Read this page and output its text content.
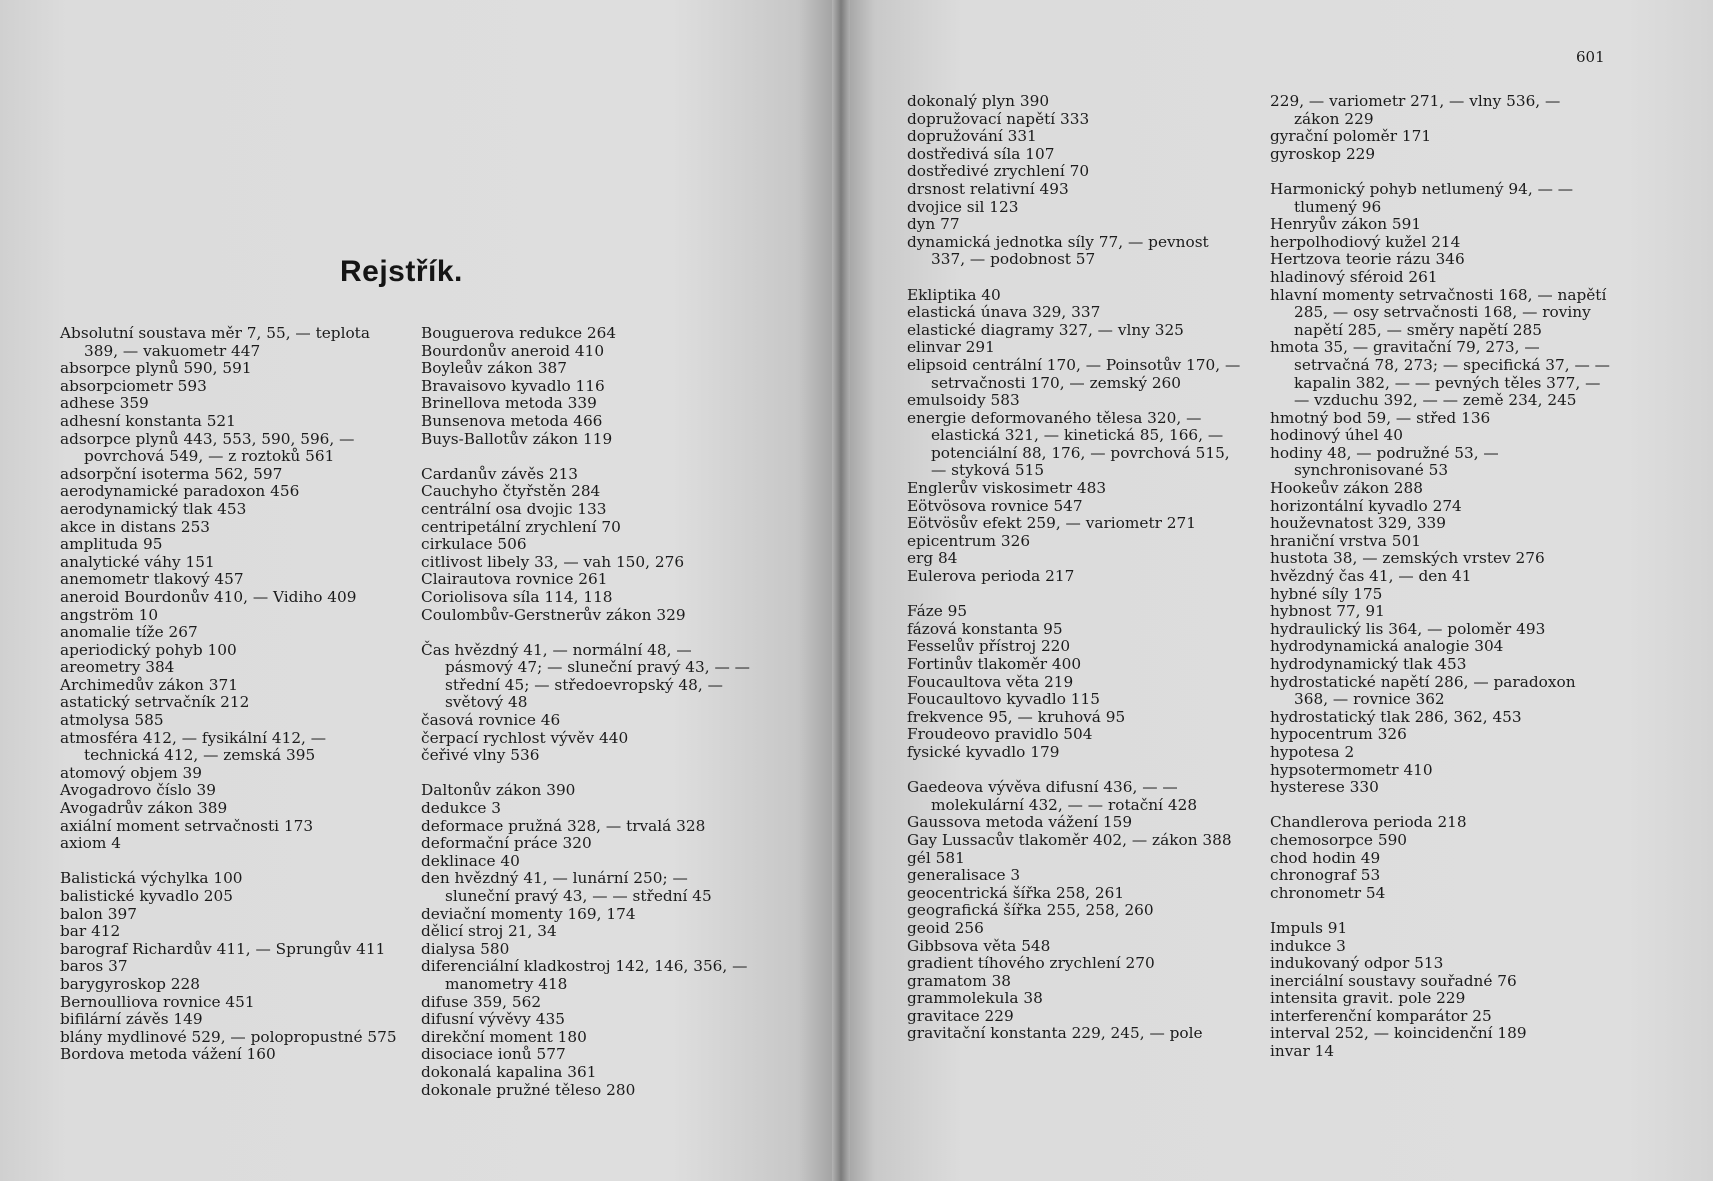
Rejstřík.
601
Absolutní soustava měr 7, 55, — teplota 389, — vakuometr 447
absorpce plynů 590, 591
absorpciometr 593
adhese 359
adhesní konstanta 521
adsorpce plynů 443, 553, 590, 596, — povrchová 549, — z roztoků 561
adsorpční isoterma 562, 597
aerodynamické paradoxon 456
aerodynamický tlak 453
akce in distans 253
amplituda 95
analytické váhy 151
anemometr tlakový 457
aneroid Bourdonův 410, — Vidiho 409
angström 10
anomalie tíže 267
aperiodický pohyb 100
areometry 384
Archimedův zákon 371
astatický setrvačník 212
atmolysa 585
atmosféra 412, — fysikální 412, — technická 412, — zemská 395
atomový objem 39
Avogadrovo číslo 39
Avogadrův zákon 389
axiální moment setrvačnosti 173
axiom 4
Balistická výchylka 100
balistické kyvadlo 205
balon 397
bar 412
barograf Richardův 411, — Sprungův 411
baros 37
barygyroskop 228
Bernoulliova rovnice 451
bifilární závěs 149
blány mydlinové 529, — polopropustné 575
Bordova metoda vážení 160
Bouguerova redukce 264
Bourdonův aneroid 410
Boyleův zákon 387
Bravaisovo kyvadlo 116
Brinellova metoda 339
Bunsenova metoda 466
Buys-Ballotův zákon 119
Cardanův závěs 213
Cauchyho čtyřstěn 284
centrální osa dvojic 133
centripetální zrychlení 70
cirkulace 506
citlivost libely 33, — vah 150, 276
Clairautova rovnice 261
Coriolisova síla 114, 118
Coulombův-Gerstnerův zákon 329
Čas hvězdný 41, — normální 48, — pásmový 47; — sluneční pravý 43, — — střední 45; — středoevropský 48, — světový 48
časová rovnice 46
čerpací rychlost vývěv 440
čeřivé vlny 536
Daltonův zákon 390
dedukce 3
deformace pružná 328, — trvalá 328
deformační práce 320
deklinace 40
den hvězdný 41, — lunární 250; — sluneční pravý 43, — — střední 45
deviační momenty 169, 174
dělicí stroj 21, 34
dialysa 580
diferenciální kladkostroj 142, 146, 356, — manometry 418
difuse 359, 562
difusní vývěvy 435
direkční moment 180
disociace ionů 577
dokonalá kapalina 361
dokonale pružné těleso 280
dokonalý plyn 390
dopružovací napětí 333
dopružování 331
dostředivá síla 107
dostředivé zrychlení 70
drsnost relativní 493
dvojice sil 123
dyn 77
dynamická jednotka síly 77, — pevnost 337, — podobnost 57
Ekliptika 40
elastická únava 329, 337
elastické diagramy 327, — vlny 325
elinvar 291
elipsoid centrální 170, — Poinsotův 170, — setrvačnosti 170, — zemský 260
emulsoidy 583
energie deformovaného tělesa 320, — elastická 321, — kinetická 85, 166, — potenciální 88, 176, — povrchová 515, — styková 515
Englerův viskosimetr 483
Eötvösova rovnice 547
Eötvösův efekt 259, — variometr 271
epicentrum 326
erg 84
Eulerova perioda 217
Fáze 95
fázová konstanta 95
Fesselův přístroj 220
Fortinův tlakoměr 400
Foucaultova věta 219
Foucaultovo kyvadlo 115
frekvence 95, — kruhová 95
Froudeovo pravidlo 504
fysické kyvadlo 179
Gaedeova vývěva difusní 436, — — molekulární 432, — — rotační 428
Gaussova metoda vážení 159
Gay Lussacův tlakoměr 402, — zákon 388
gél 581
generalisace 3
geocentrická šířka 258, 261
geografická šířka 255, 258, 260
geoid 256
Gibbsova věta 548
gradient tíhového zrychlení 270
gramatom 38
grammolekula 38
gravitace 229
gravitační konstanta 229, 245, — pole
229, — variometr 271, — vlny 536, — zákon 229
gyrační poloměr 171
gyroskop 229
Harmonický pohyb netlumený 94, — — tlumený 96
Henryův zákon 591
herpolhodiový kužel 214
Hertzova teorie rázu 346
hladinový sféroid 261
hlavní momenty setrvačnosti 168, — napětí 285, — osy setrvačnosti 168, — roviny napětí 285, — směry napětí 285
hmota 35, — gravitační 79, 273, — setrvačná 78, 273; — specifická 37, — — kapalin 382, — — pevných těles 377, — — vzduchu 392, — — země 234, 245
hmotný bod 59, — střed 136
hodinový úhel 40
hodiny 48, — podružné 53, — synchronisované 53
Hookeův zákon 288
horizontální kyvadlo 274
houževnatost 329, 339
hraniční vrstva 501
hustota 38, — zemských vrstev 276
hvězdný čas 41, — den 41
hybné síly 175
hybnost 77, 91
hydraulický lis 364, — poloměr 493
hydrodynamická analogie 304
hydrodynamický tlak 453
hydrostatické napětí 286, — paradoxon 368, — rovnice 362
hydrostatický tlak 286, 362, 453
hypocentrum 326
hypotesa 2
hypsotermometr 410
hysterese 330
Chandlerova perioda 218
chemosorpce 590
chod hodin 49
chronograf 53
chronometr 54
Impuls 91
indukce 3
indukovaný odpor 513
inerciální soustavy souřadné 76
intensita gravit. pole 229
interferenční komparátor 25
interval 252, — koincidenční 189
invar 14
